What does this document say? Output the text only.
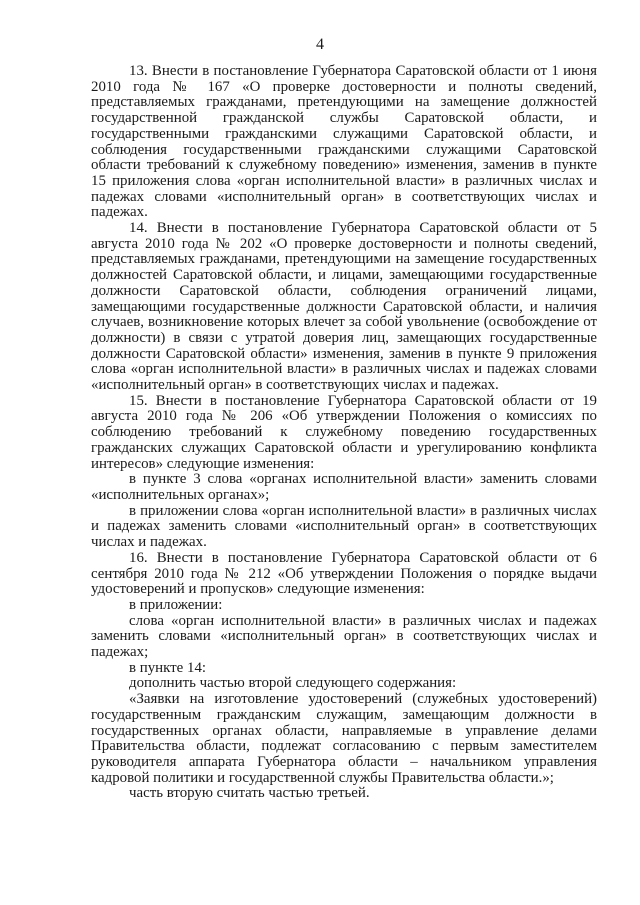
4

13. Внести в постановление Губернатора Саратовской области от 1 июня 2010 года № 167 «О проверке достоверности и полноты сведений, представляемых гражданами, претендующими на замещение должностей государственной гражданской службы Саратовской области, и государственными гражданскими служащими Саратовской области, и соблюдения государственными гражданскими служащими Саратовской области требований к служебному поведению» изменения, заменив в пункте 15 приложения слова «орган исполнительной власти» в различных числах и падежах словами «исполнительный орган» в соответствующих числах и падежах.

14. Внести в постановление Губернатора Саратовской области от 5 августа 2010 года № 202 «О проверке достоверности и полноты сведений, представляемых гражданами, претендующими на замещение государственных должностей Саратовской области, и лицами, замещающими государственные должности Саратовской области, соблюдения ограничений лицами, замещающими государственные должности Саратовской области, и наличия случаев, возникновение которых влечет за собой увольнение (освобождение от должности) в связи с утратой доверия лиц, замещающих государственные должности Саратовской области» изменения, заменив в пункте 9 приложения слова «орган исполнительной власти» в различных числах и падежах словами «исполнительный орган» в соответствующих числах и падежах.

15. Внести в постановление Губернатора Саратовской области от 19 августа 2010 года № 206 «Об утверждении Положения о комиссиях по соблюдению требований к служебному поведению государственных гражданских служащих Саратовской области и урегулированию конфликта интересов» следующие изменения:

в пункте 3 слова «органах исполнительной власти» заменить словами «исполнительных органах»;

в приложении слова «орган исполнительной власти» в различных числах и падежах заменить словами «исполнительный орган» в соответствующих числах и падежах.

16. Внести в постановление Губернатора Саратовской области от 6 сентября 2010 года № 212 «Об утверждении Положения о порядке выдачи удостоверений и пропусков» следующие изменения:

в приложении:

слова «орган исполнительной власти» в различных числах и падежах заменить словами «исполнительный орган» в соответствующих числах и падежах;

в пункте 14:

дополнить частью второй следующего содержания:

«Заявки на изготовление удостоверений (служебных удостоверений) государственным гражданским служащим, замещающим должности в государственных органах области, направляемые в управление делами Правительства области, подлежат согласованию с первым заместителем руководителя аппарата Губернатора области – начальником управления кадровой политики и государственной службы Правительства области.»;

часть вторую считать частью третьей.
